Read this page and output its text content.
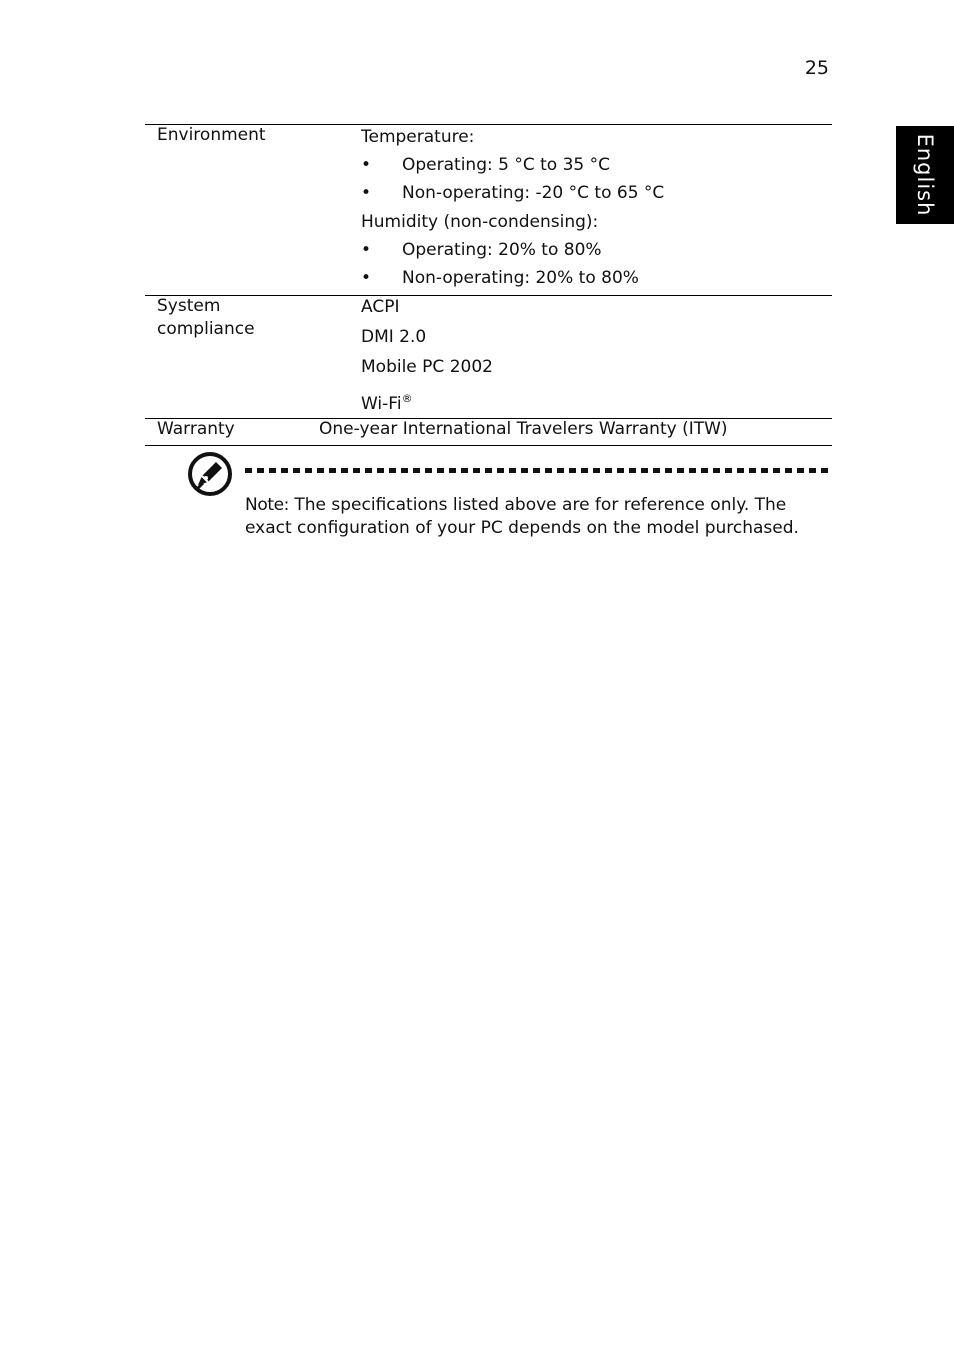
25
English
Environment	Temperature:
• Operating: 5 °C to 35 °C
• Non-operating: -20 °C to 65 °C
Humidity (non-condensing):
• Operating: 20% to 80%
• Non-operating: 20% to 80%
System
compliance
ACPI
DMI 2.0
Mobile PC 2002
Wi-Fi®
Warranty	One-year International Travelers Warranty (ITW)
Note: The specifications listed above are for reference only. The exact configuration of your PC depends on the model purchased.
